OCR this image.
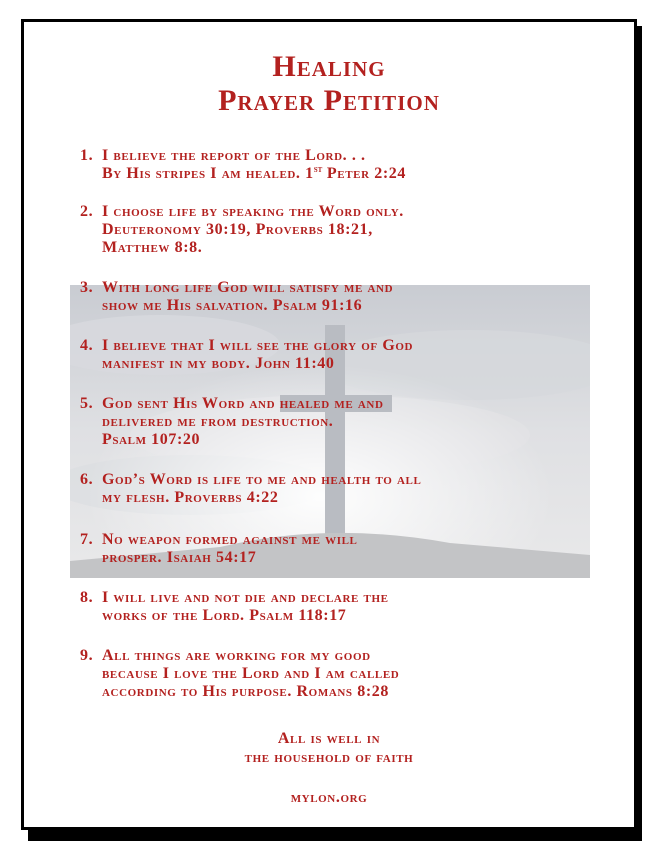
Healing
Prayer Petition
1. I believe the report of the Lord. . .
By His stripes I am healed. 1st Peter 2:24
2. I choose life by speaking the Word only.
Deuteronomy 30:19, Proverbs 18:21,
Matthew 8:8.
3. With long life God will satisfy me and
show me His salvation. Psalm 91:16
4. I believe that I will see the glory of God
manifest in my body. John 11:40
5. God sent His Word and healed me and
delivered me from destruction.
Psalm 107:20
6. God’s Word is life to me and health to all
my flesh. Proverbs 4:22
7. No weapon formed against me will
prosper. Isaiah 54:17
8. I will live and not die and declare the
works of the Lord. Psalm 118:17
9. All things are working for my good
because I love the Lord and I am called
according to His purpose. Romans 8:28
All is well in
the household of faith
mylon.org
